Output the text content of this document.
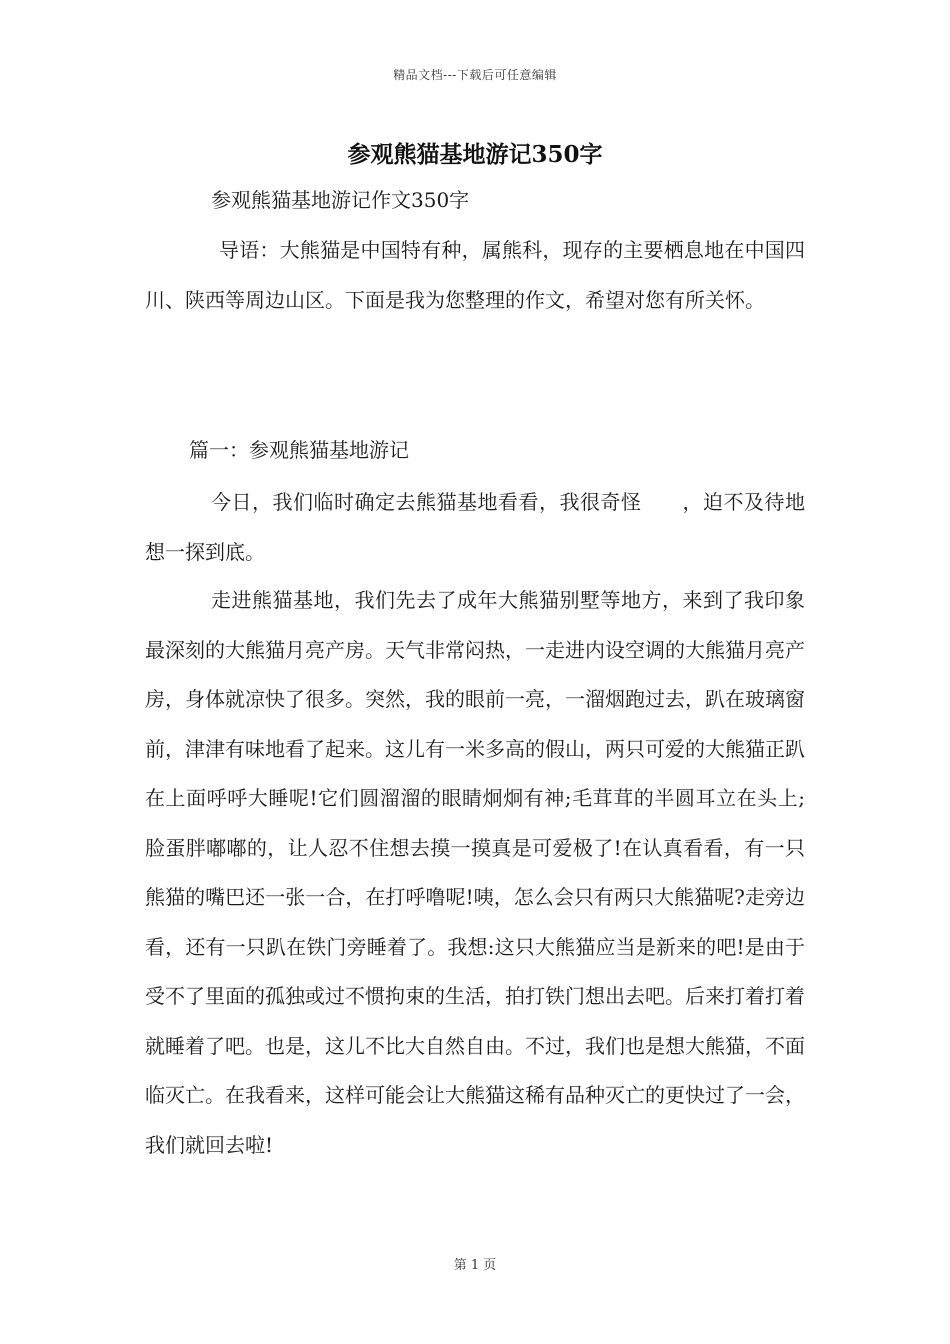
精品文档---下载后可任意编辑
参观熊猫基地游记350字
参观熊猫基地游记作文350字
导语：大熊猫是中国特有种，属熊科，现存的主要栖息地在中国四川、陕西等周边山区。下面是我为您整理的作文，希望对您有所关怀。
篇一：参观熊猫基地游记
今日，我们临时确定去熊猫基地看看，我很奇怪　　，迫不及待地想一探到底。
走进熊猫基地，我们先去了成年大熊猫别墅等地方，来到了我印象最深刻的大熊猫月亮产房。天气非常闷热，一走进内设空调的大熊猫月亮产房，身体就凉快了很多。突然，我的眼前一亮，一溜烟跑过去，趴在玻璃窗前，津津有味地看了起来。这儿有一米多高的假山，两只可爱的大熊猫正趴在上面呼呼大睡呢!它们圆溜溜的眼睛炯炯有神;毛茸茸的半圆耳立在头上;脸蛋胖嘟嘟的，让人忍不住想去摸一摸真是可爱极了!在认真看看，有一只熊猫的嘴巴还一张一合，在打呼噜呢!咦，怎么会只有两只大熊猫呢?走旁边看，还有一只趴在铁门旁睡着了。我想:这只大熊猫应当是新来的吧!是由于受不了里面的孤独或过不惯拘束的生活，拍打铁门想出去吧。后来打着打着就睡着了吧。也是，这儿不比大自然自由。不过，我们也是想大熊猫，不面临灭亡。在我看来，这样可能会让大熊猫这稀有品种灭亡的更快过了一会，我们就回去啦!
第 1 页
